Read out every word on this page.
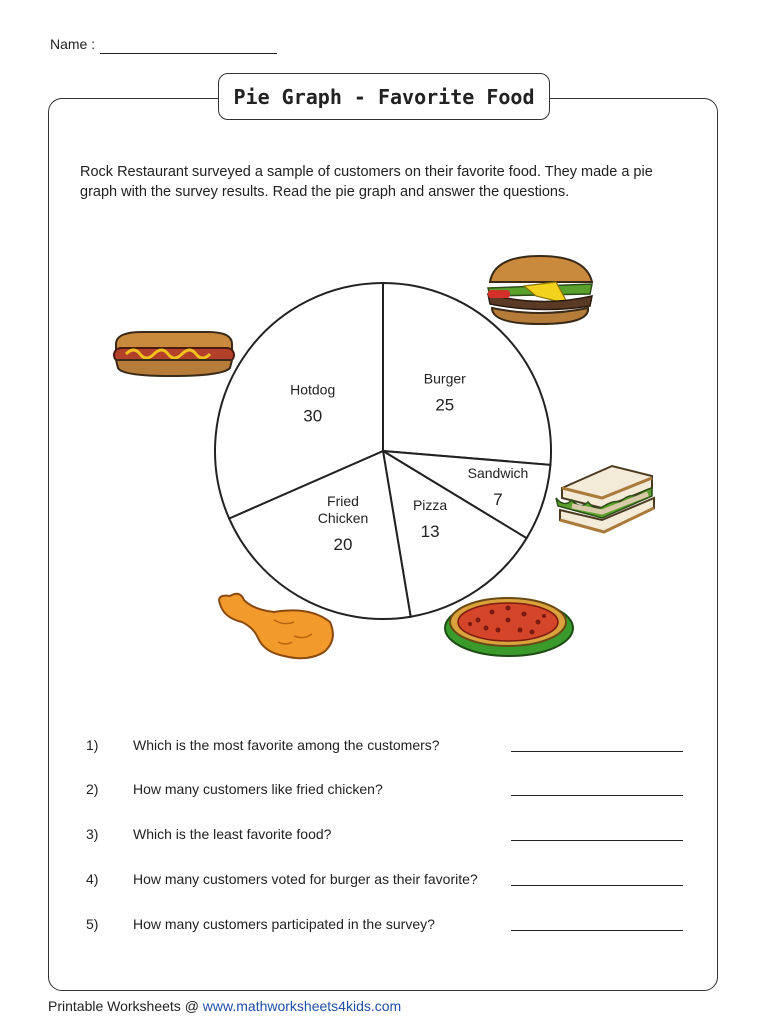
Name :
Pie Graph - Favorite Food
Rock Restaurant surveyed a sample of customers on their favorite food. They made a pie graph with the survey results. Read the pie graph and answer the questions.
Burger
25
Sandwich
7
Pizza
13
Fried
Chicken
20
Hotdog
30
1) Which is the most favorite among the customers?
2) How many customers like fried chicken?
3) Which is the least favorite food?
4) How many customers voted for burger as their favorite?
5) How many customers participated in the survey?
Printable Worksheets @ www.mathworksheets4kids.com
